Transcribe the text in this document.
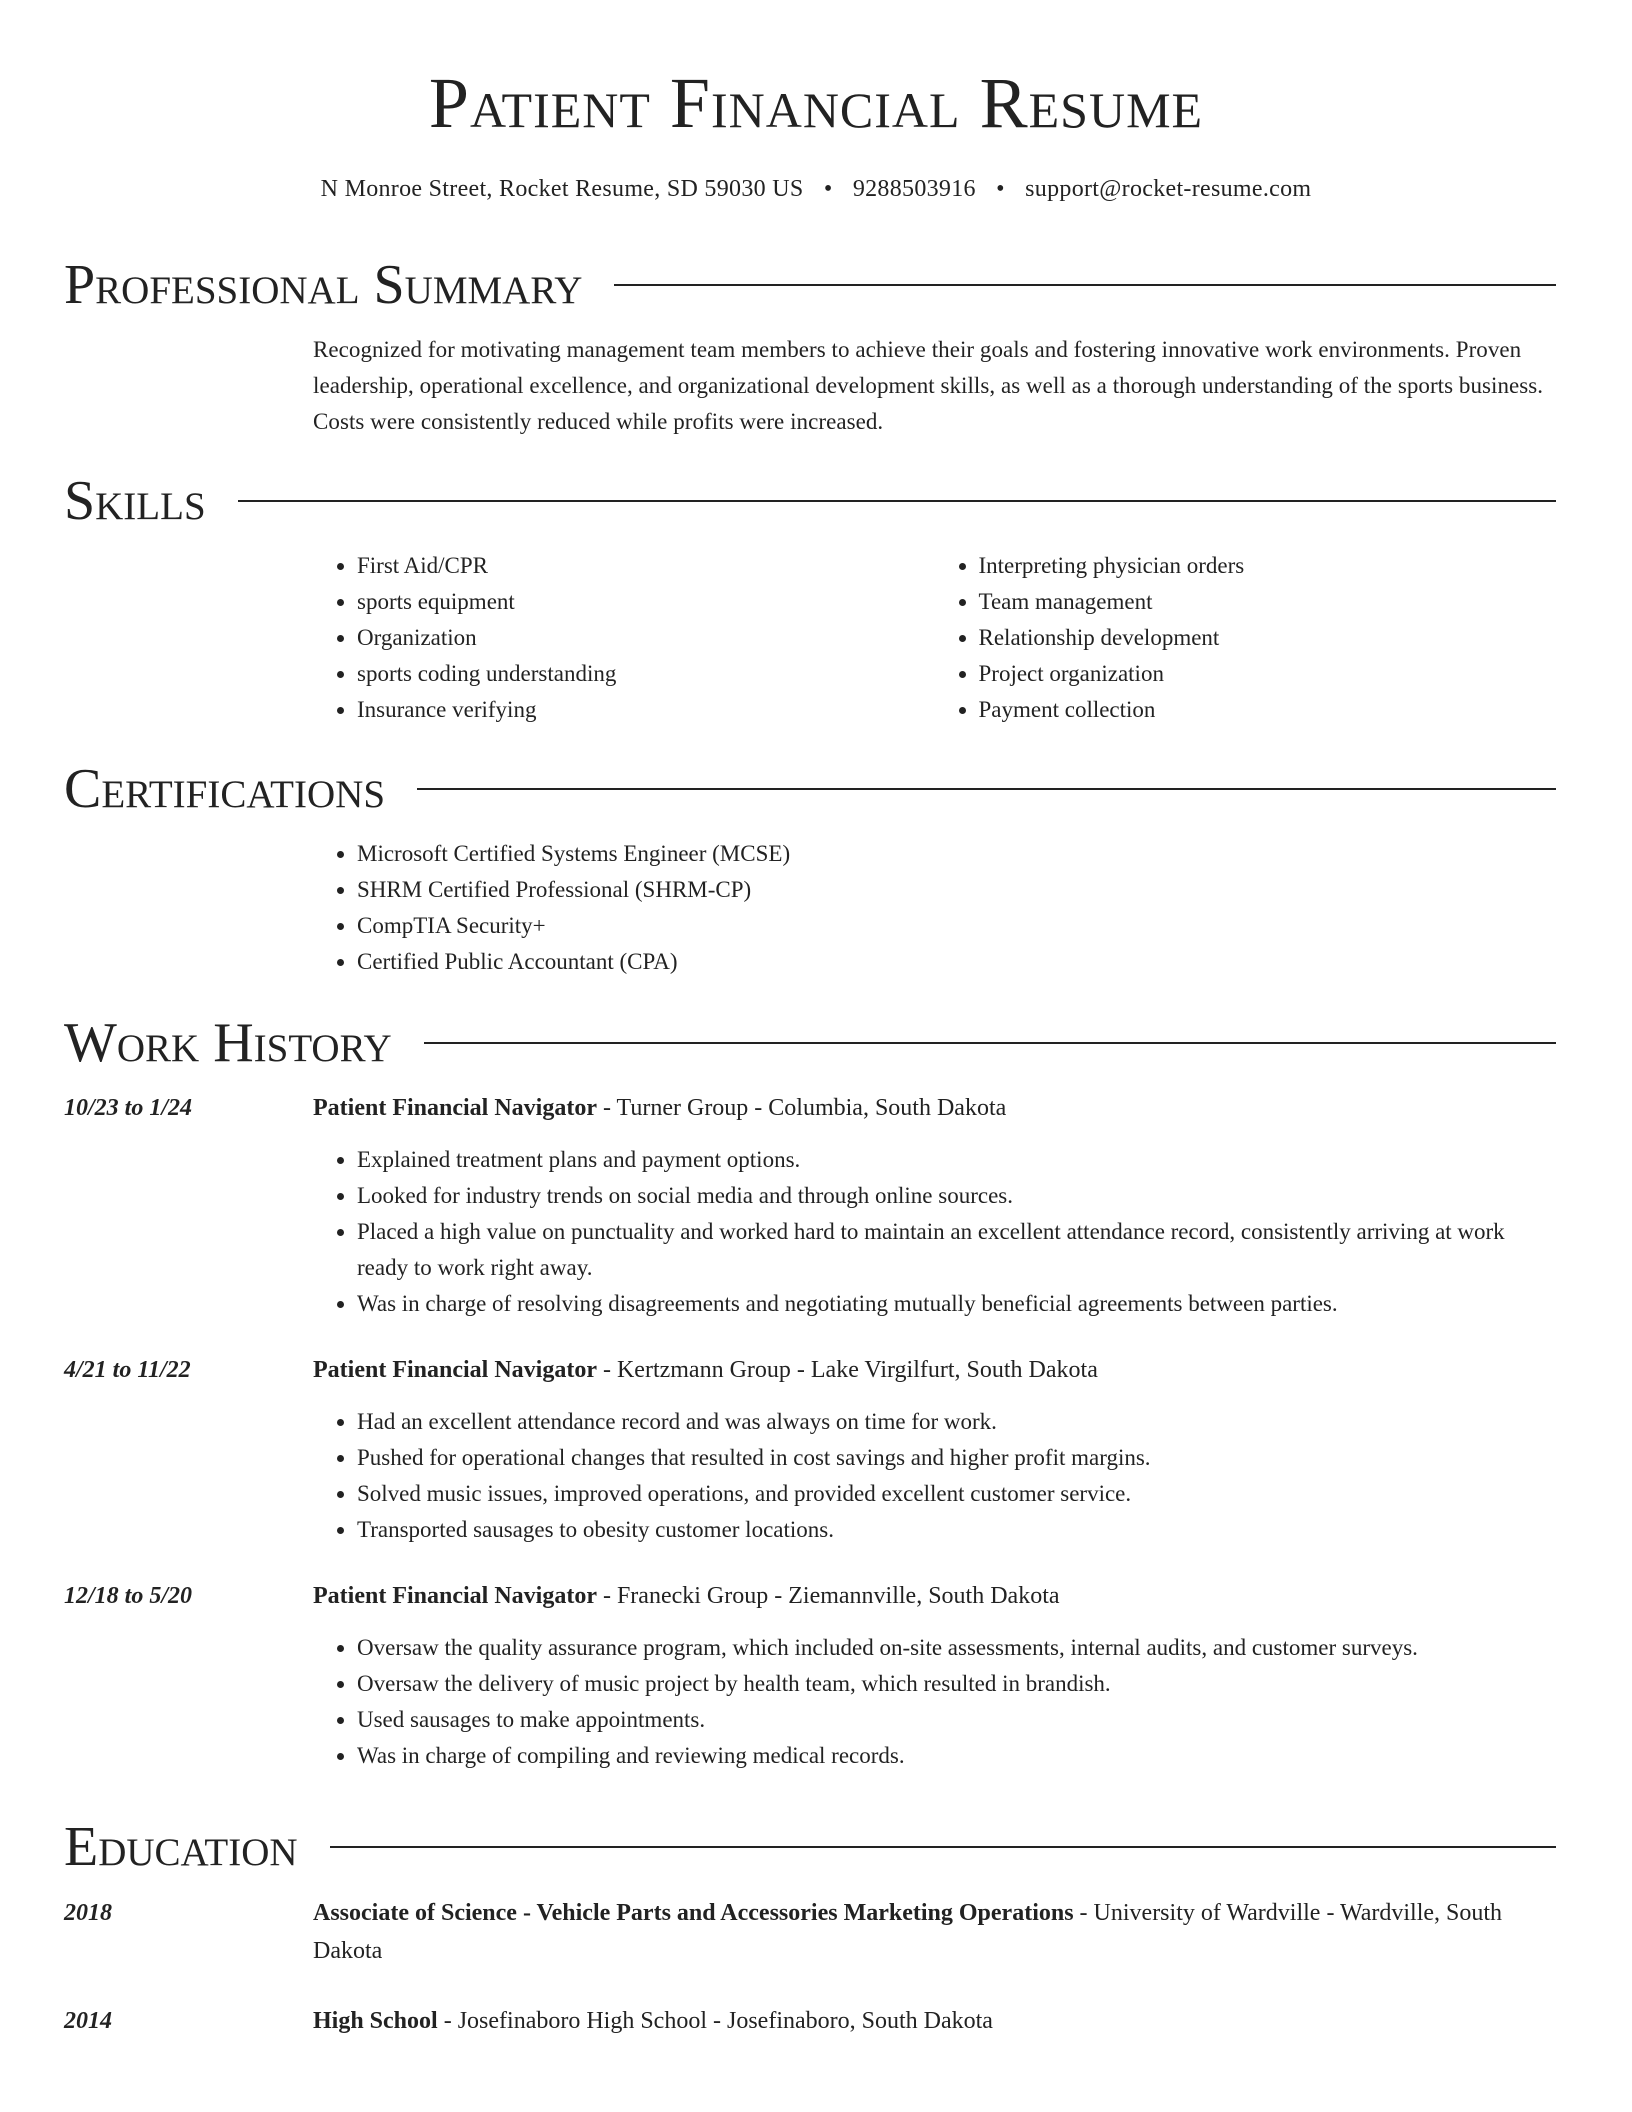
Patient Financial Resume
N Monroe Street, Rocket Resume, SD 59030 US • 9288503916 • support@rocket-resume.com
Professional Summary
Recognized for motivating management team members to achieve their goals and fostering innovative work environments. Proven leadership, operational excellence, and organizational development skills, as well as a thorough understanding of the sports business. Costs were consistently reduced while profits were increased.
Skills
• First Aid/CPR
• sports equipment
• Organization
• sports coding understanding
• Insurance verifying
• Interpreting physician orders
• Team management
• Relationship development
• Project organization
• Payment collection
Certifications
• Microsoft Certified Systems Engineer (MCSE)
• SHRM Certified Professional (SHRM-CP)
• CompTIA Security+
• Certified Public Accountant (CPA)
Work History
10/23 to 1/24	Patient Financial Navigator - Turner Group - Columbia, South Dakota
• Explained treatment plans and payment options.
• Looked for industry trends on social media and through online sources.
• Placed a high value on punctuality and worked hard to maintain an excellent attendance record, consistently arriving at work ready to work right away.
• Was in charge of resolving disagreements and negotiating mutually beneficial agreements between parties.
4/21 to 11/22	Patient Financial Navigator - Kertzmann Group - Lake Virgilfurt, South Dakota
• Had an excellent attendance record and was always on time for work.
• Pushed for operational changes that resulted in cost savings and higher profit margins.
• Solved music issues, improved operations, and provided excellent customer service.
• Transported sausages to obesity customer locations.
12/18 to 5/20	Patient Financial Navigator - Franecki Group - Ziemannville, South Dakota
• Oversaw the quality assurance program, which included on-site assessments, internal audits, and customer surveys.
• Oversaw the delivery of music project by health team, which resulted in brandish.
• Used sausages to make appointments.
• Was in charge of compiling and reviewing medical records.
Education
2018	Associate of Science - Vehicle Parts and Accessories Marketing Operations - University of Wardville - Wardville, South Dakota
2014	High School - Josefinaboro High School - Josefinaboro, South Dakota
